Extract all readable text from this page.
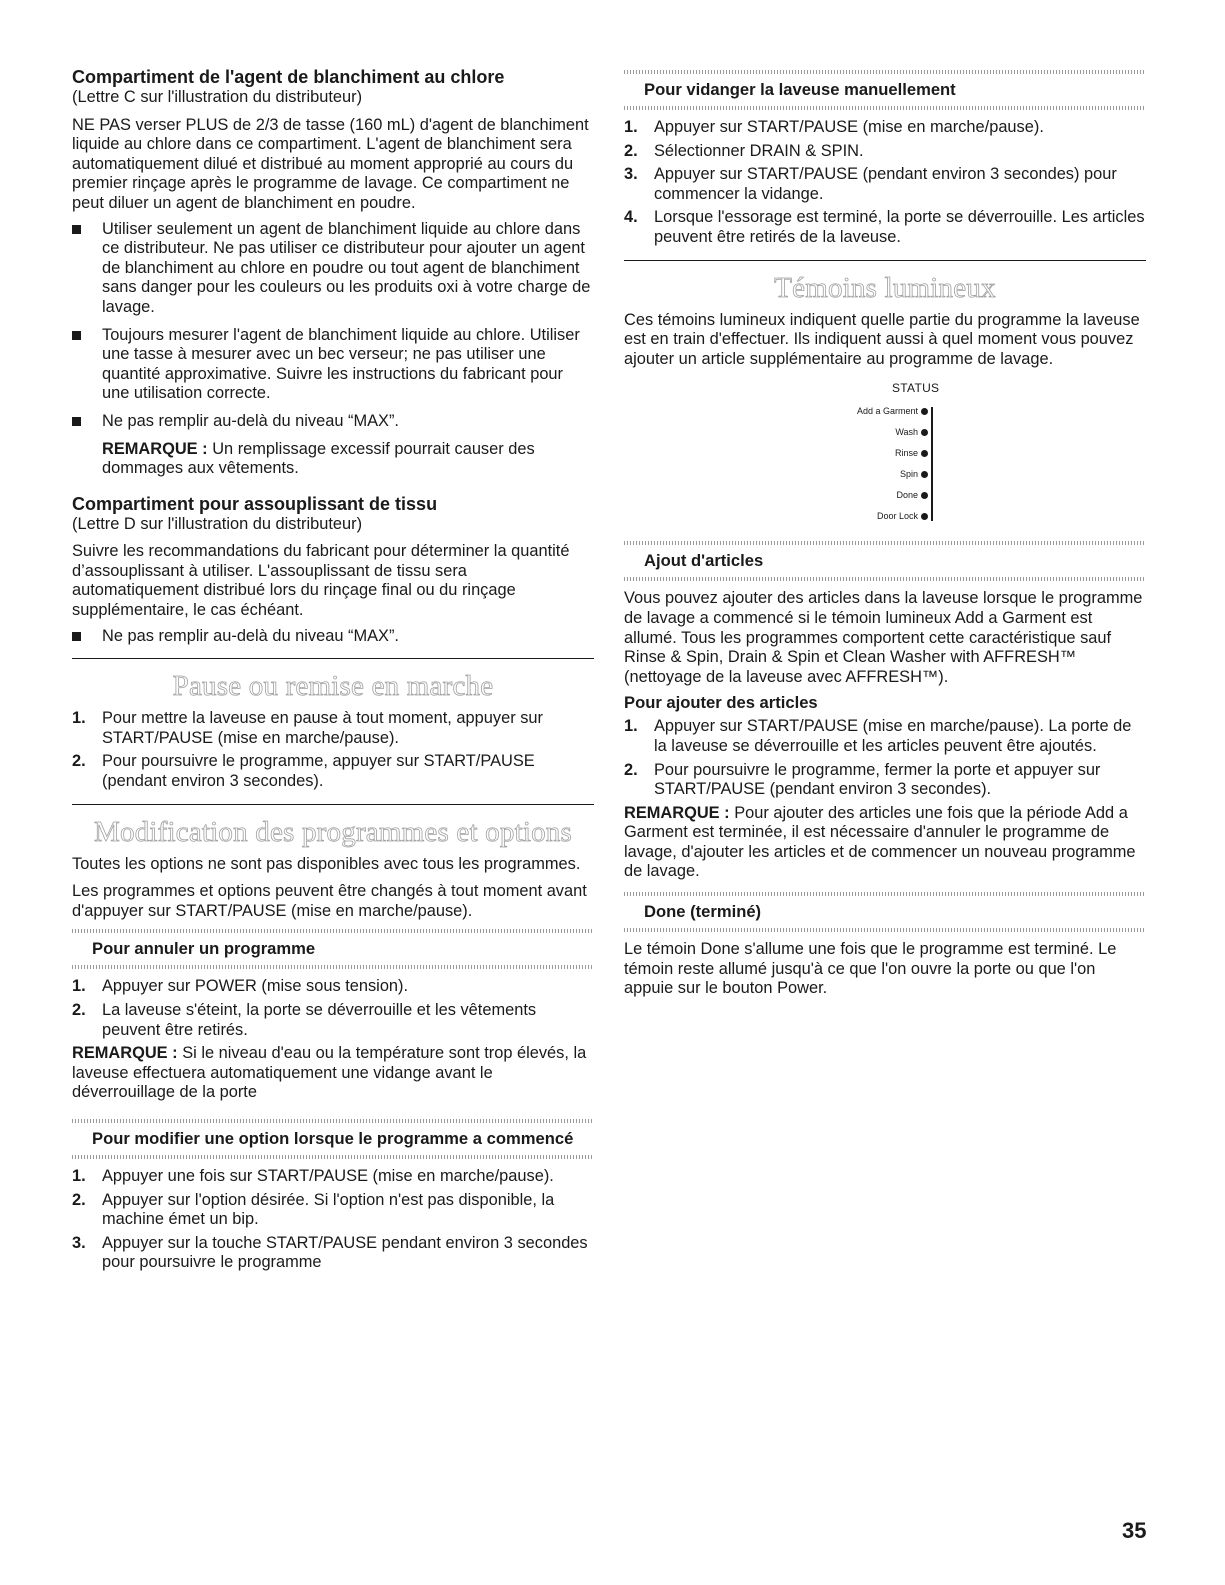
Compartiment de l'agent de blanchiment au chlore

(Lettre C sur l'illustration du distributeur)

NE PAS verser PLUS de 2/3 de tasse (160 mL) d'agent de blanchiment liquide au chlore dans ce compartiment. L'agent de blanchiment sera automatiquement dilué et distribué au moment approprié au cours du premier rinçage après le programme de lavage. Ce compartiment ne peut diluer un agent de blanchiment en poudre.

Utiliser seulement un agent de blanchiment liquide au chlore dans ce distributeur. Ne pas utiliser ce distributeur pour ajouter un agent de blanchiment au chlore en poudre ou tout agent de blanchiment sans danger pour les couleurs ou les produits oxi à votre charge de lavage.
Toujours mesurer l'agent de blanchiment liquide au chlore. Utiliser une tasse à mesurer avec un bec verseur; ne pas utiliser une quantité approximative. Suivre les instructions du fabricant pour une utilisation correcte.
Ne pas remplir au-delà du niveau “MAX”.

REMARQUE : Un remplissage excessif pourrait causer des dommages aux vêtements.

Compartiment pour assouplissant de tissu

(Lettre D sur l'illustration du distributeur)

Suivre les recommandations du fabricant pour déterminer la quantité d’assouplissant à utiliser. L'assouplissant de tissu sera automatiquement distribué lors du rinçage final ou du rinçage supplémentaire, le cas échéant.

Ne pas remplir au-delà du niveau “MAX”.
Pause ou remise en marche
1. Pour mettre la laveuse en pause à tout moment, appuyer sur START/PAUSE (mise en marche/pause).
2. Pour poursuivre le programme, appuyer sur START/PAUSE (pendant environ 3 secondes).
Modification des programmes et options

Toutes les options ne sont pas disponibles avec tous les programmes.

Les programmes et options peuvent être changés à tout moment avant d'appuyer sur START/PAUSE (mise en marche/pause).

Pour annuler un programme
1. Appuyer sur POWER (mise sous tension).
2. La laveuse s'éteint, la porte se déverrouille et les vêtements peuvent être retirés.

REMARQUE : Si le niveau d'eau ou la température sont trop élevés, la laveuse effectuera automatiquement une vidange avant le déverrouillage de la porte

Pour modifier une option lorsque le programme a commencé
1. Appuyer une fois sur START/PAUSE (mise en marche/pause).
2. Appuyer sur l'option désirée. Si l'option n'est pas disponible, la machine émet un bip.
3. Appuyer sur la touche START/PAUSE pendant environ 3 secondes pour poursuivre le programme
Pour vidanger la laveuse manuellement
1. Appuyer sur START/PAUSE (mise en marche/pause).
2. Sélectionner DRAIN & SPIN.
3. Appuyer sur START/PAUSE (pendant environ 3 secondes) pour commencer la vidange.
4. Lorsque l'essorage est terminé, la porte se déverrouille. Les articles peuvent être retirés de la laveuse.
Témoins lumineux

Ces témoins lumineux indiquent quelle partie du programme la laveuse est en train d'effectuer. Ils indiquent aussi à quel moment vous pouvez ajouter un article supplémentaire au programme de lavage.

STATUS
Add a Garment
Wash
Rinse
Spin
Done
Door Lock
Ajout d'articles

Vous pouvez ajouter des articles dans la laveuse lorsque le programme de lavage a commencé si le témoin lumineux Add a Garment est allumé. Tous les programmes comportent cette caractéristique sauf Rinse & Spin, Drain & Spin et Clean Washer with AFFRESH™ (nettoyage de la laveuse avec AFFRESH™).

Pour ajouter des articles
1. Appuyer sur START/PAUSE (mise en marche/pause). La porte de la laveuse se déverrouille et les articles peuvent être ajoutés.
2. Pour poursuivre le programme, fermer la porte et appuyer sur START/PAUSE (pendant environ 3 secondes).

REMARQUE : Pour ajouter des articles une fois que la période Add a Garment est terminée, il est nécessaire d'annuler le programme de lavage, d'ajouter les articles et de commencer un nouveau programme de lavage.

Done (terminé)

Le témoin Done s'allume une fois que le programme est terminé. Le témoin reste allumé jusqu'à ce que l'on ouvre la porte ou que l'on appuie sur le bouton Power.

35
